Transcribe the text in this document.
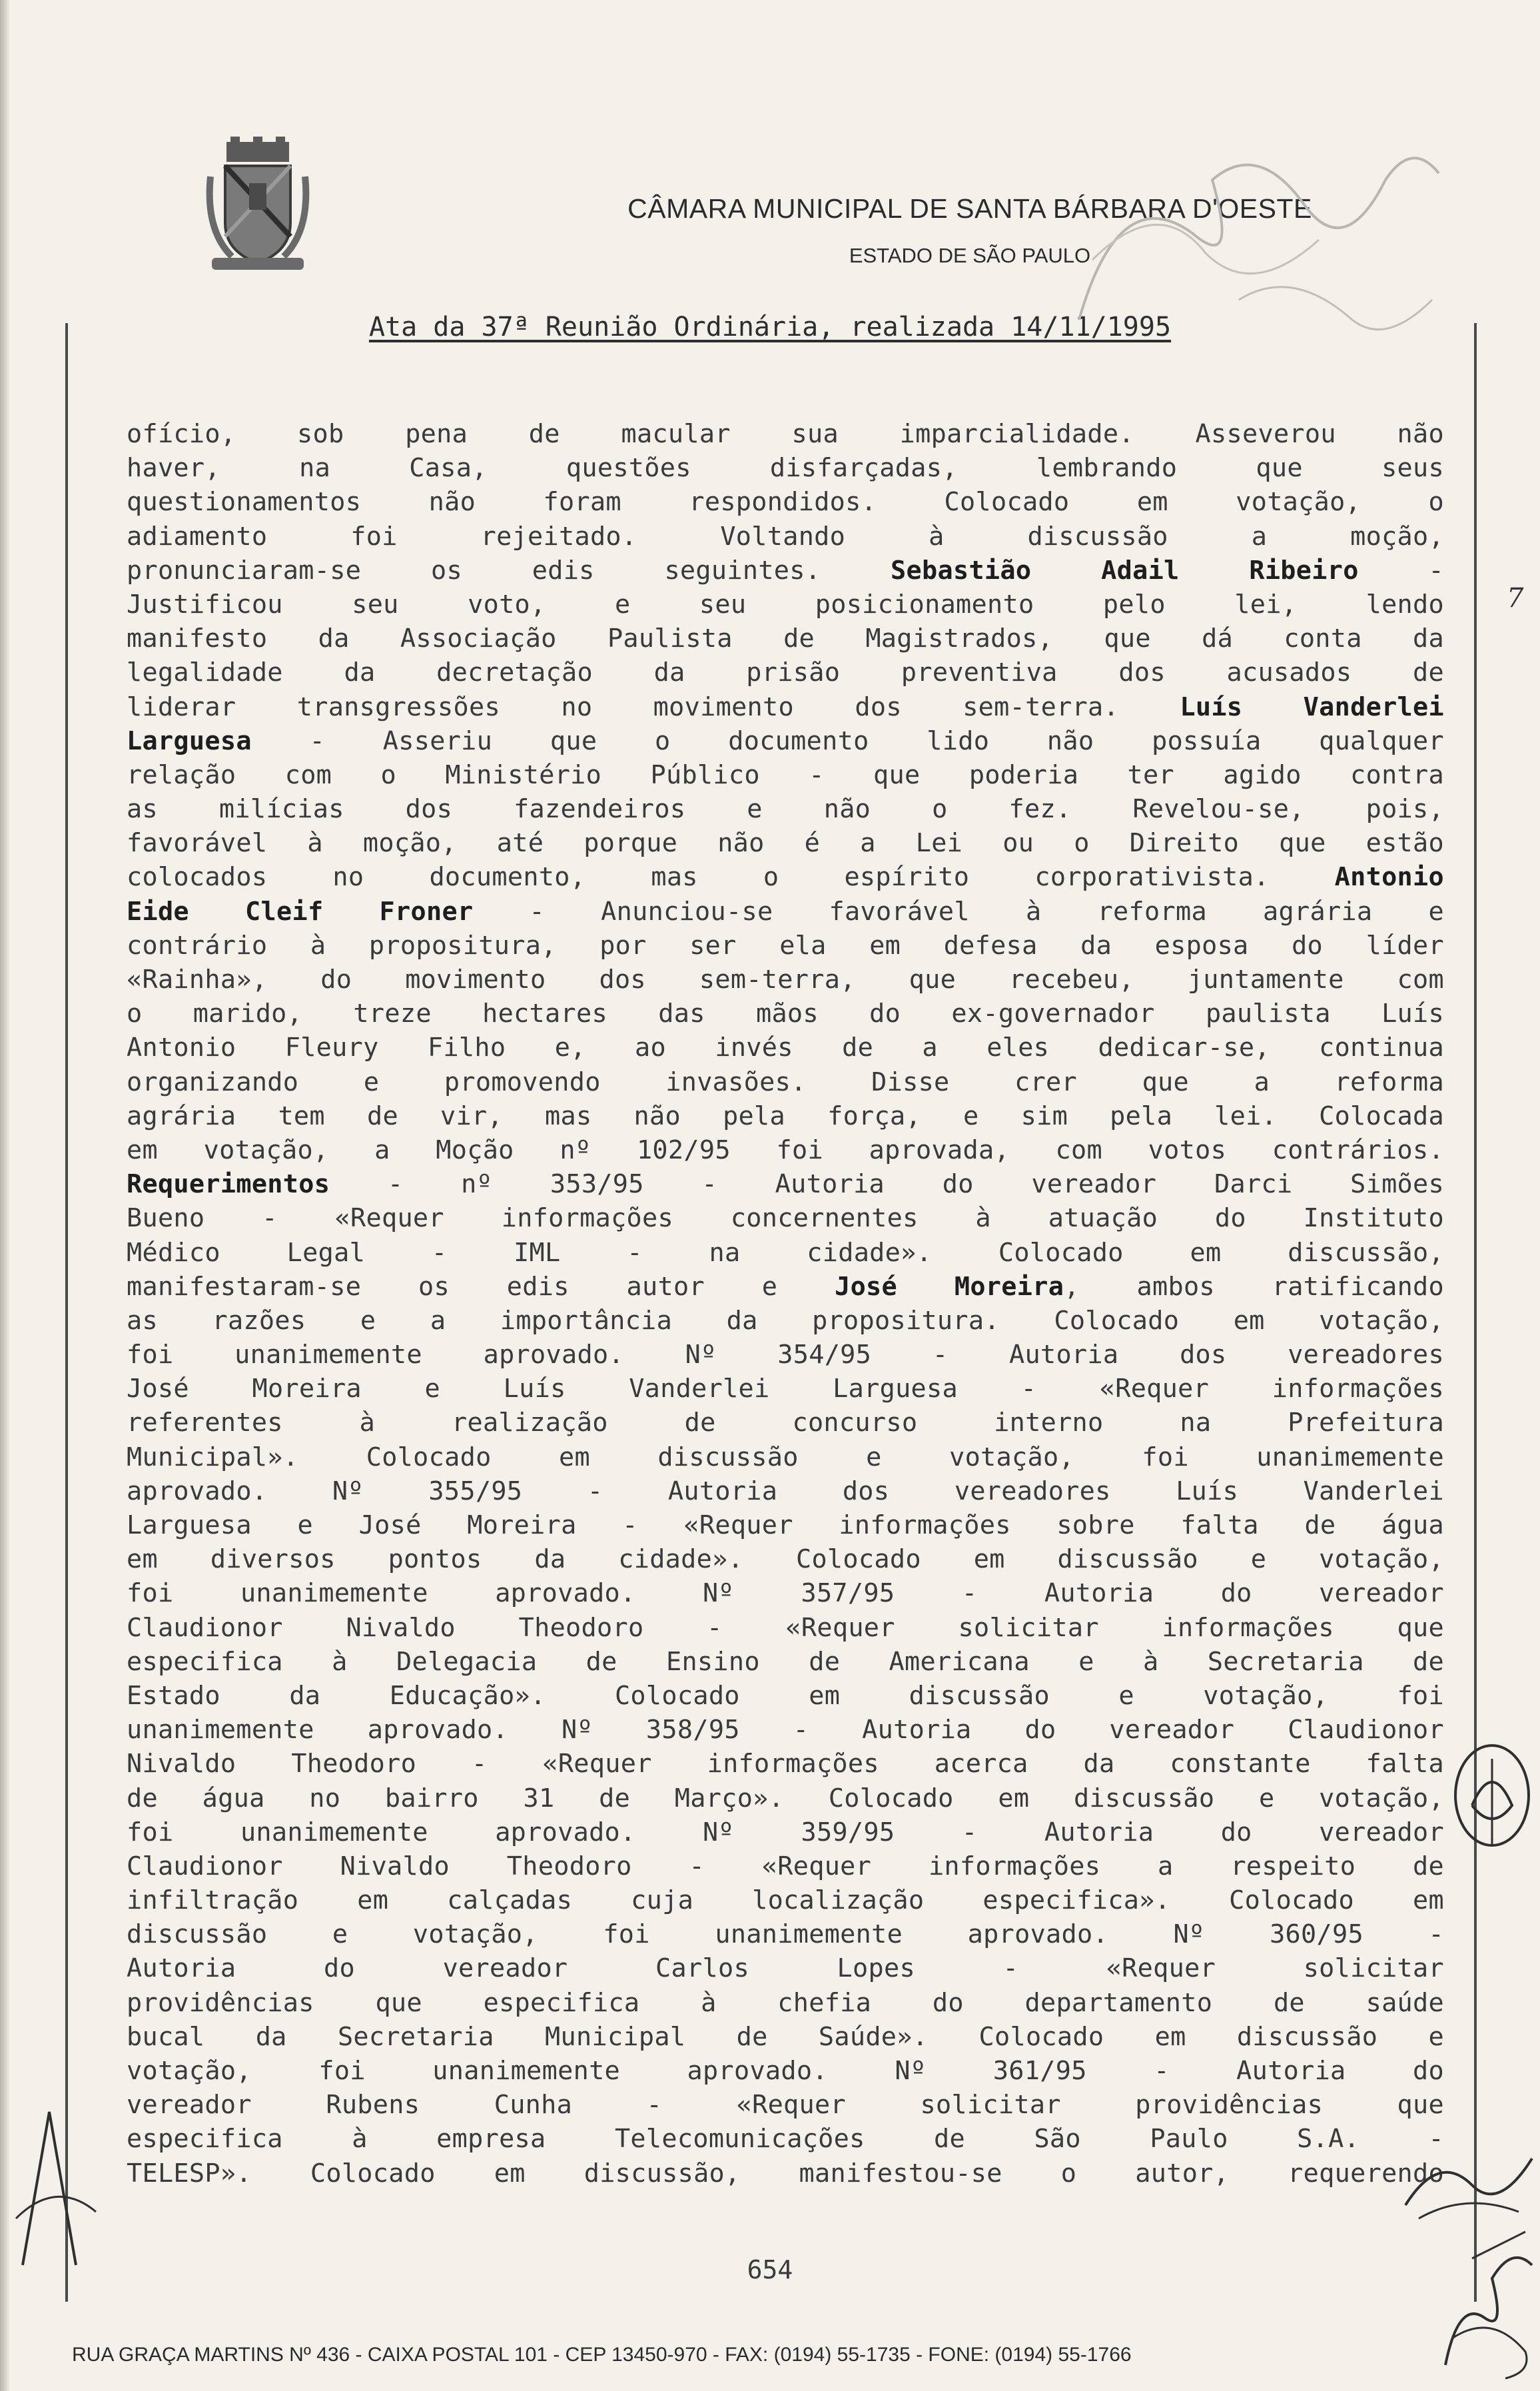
CÂMARA MUNICIPAL DE SANTA BÁRBARA D'OESTE
ESTADO DE SÃO PAULO
Ata da 37ª Reunião Ordinária, realizada 14/11/1995
ofício, sob pena de macular sua imparcialidade. Asseverou não
haver, na Casa, questões disfarçadas, lembrando que seus
questionamentos não foram respondidos. Colocado em votação, o
adiamento foi rejeitado. Voltando à discussão a moção,
pronunciaram-se os edis seguintes. Sebastião Adail Ribeiro -
Justificou seu voto, e seu posicionamento pelo lei, lendo
manifesto da Associação Paulista de Magistrados, que dá conta da
legalidade da decretação da prisão preventiva dos acusados de
liderar transgressões no movimento dos sem-terra. Luís Vanderlei
Larguesa - Asseriu que o documento lido não possuía qualquer
relação com o Ministério Público - que poderia ter agido contra
as milícias dos fazendeiros e não o fez. Revelou-se, pois,
favorável à moção, até porque não é a Lei ou o Direito que estão
colocados no documento, mas o espírito corporativista. Antonio
Eide Cleif Froner - Anunciou-se favorável à reforma agrária e
contrário à propositura, por ser ela em defesa da esposa do líder
«Rainha», do movimento dos sem-terra, que recebeu, juntamente com
o marido, treze hectares das mãos do ex-governador paulista Luís
Antonio Fleury Filho e, ao invés de a eles dedicar-se, continua
organizando e promovendo invasões. Disse crer que a reforma
agrária tem de vir, mas não pela força, e sim pela lei. Colocada
em votação, a Moção nº 102/95 foi aprovada, com votos contrários.
Requerimentos - nº 353/95 - Autoria do vereador Darci Simões
Bueno - «Requer informações concernentes à atuação do Instituto
Médico Legal - IML - na cidade». Colocado em discussão,
manifestaram-se os edis autor e José Moreira, ambos ratificando
as razões e a importância da propositura. Colocado em votação,
foi unanimemente aprovado. Nº 354/95 - Autoria dos vereadores
José Moreira e Luís Vanderlei Larguesa - «Requer informações
referentes à realização de concurso interno na Prefeitura
Municipal». Colocado em discussão e votação, foi unanimemente
aprovado. Nº 355/95 - Autoria dos vereadores Luís Vanderlei
Larguesa e José Moreira - «Requer informações sobre falta de água
em diversos pontos da cidade». Colocado em discussão e votação,
foi unanimemente aprovado. Nº 357/95 - Autoria do vereador
Claudionor Nivaldo Theodoro - «Requer solicitar informações que
especifica à Delegacia de Ensino de Americana e à Secretaria de
Estado da Educação». Colocado em discussão e votação, foi
unanimemente aprovado. Nº 358/95 - Autoria do vereador Claudionor
Nivaldo Theodoro - «Requer informações acerca da constante falta
de água no bairro 31 de Março». Colocado em discussão e votação,
foi unanimemente aprovado. Nº 359/95 - Autoria do vereador
Claudionor Nivaldo Theodoro - «Requer informações a respeito de
infiltração em calçadas cuja localização especifica». Colocado em
discussão e votação, foi unanimemente aprovado. Nº 360/95 -
Autoria do vereador Carlos Lopes - «Requer solicitar
providências que especifica à chefia do departamento de saúde
bucal da Secretaria Municipal de Saúde». Colocado em discussão e
votação, foi unanimemente aprovado. Nº 361/95 - Autoria do
vereador Rubens Cunha - «Requer solicitar providências que
especifica à empresa Telecomunicações de São Paulo S.A. -
TELESP». Colocado em discussão, manifestou-se o autor, requerendo
7
654
RUA GRAÇA MARTINS Nº 436 - CAIXA POSTAL 101 - CEP 13450-970 - FAX: (0194) 55-1735 - FONE: (0194) 55-1766
